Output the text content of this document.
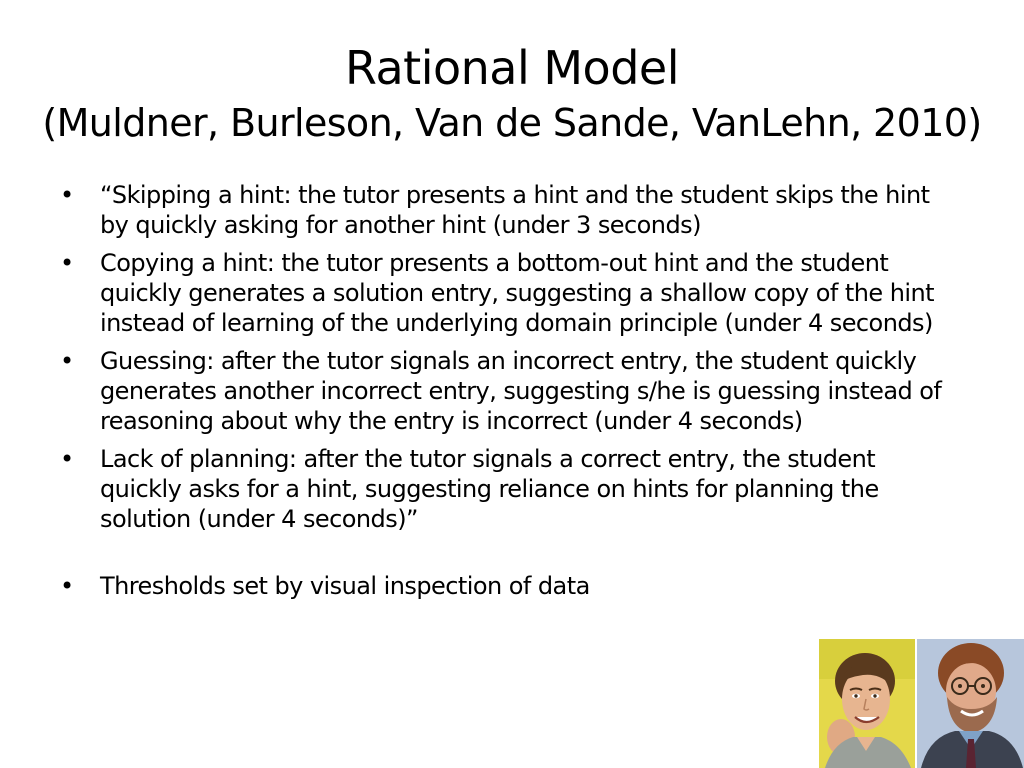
Rational Model
(Muldner, Burleson, Van de Sande, VanLehn, 2010)
• “Skipping a hint: the tutor presents a hint and the student skips the hint by quickly asking for another hint (under 3 seconds)
• Copying a hint: the tutor presents a bottom-out hint and the student quickly generates a solution entry, suggesting a shallow copy of the hint instead of learning of the underlying domain principle (under 4 seconds)
• Guessing: after the tutor signals an incorrect entry, the student quickly generates another incorrect entry, suggesting s/he is guessing instead of reasoning about why the entry is incorrect (under 4 seconds)
• Lack of planning: after the tutor signals a correct entry, the student quickly asks for a hint, suggesting reliance on hints for planning the solution (under 4 seconds)”
• Thresholds set by visual inspection of data
